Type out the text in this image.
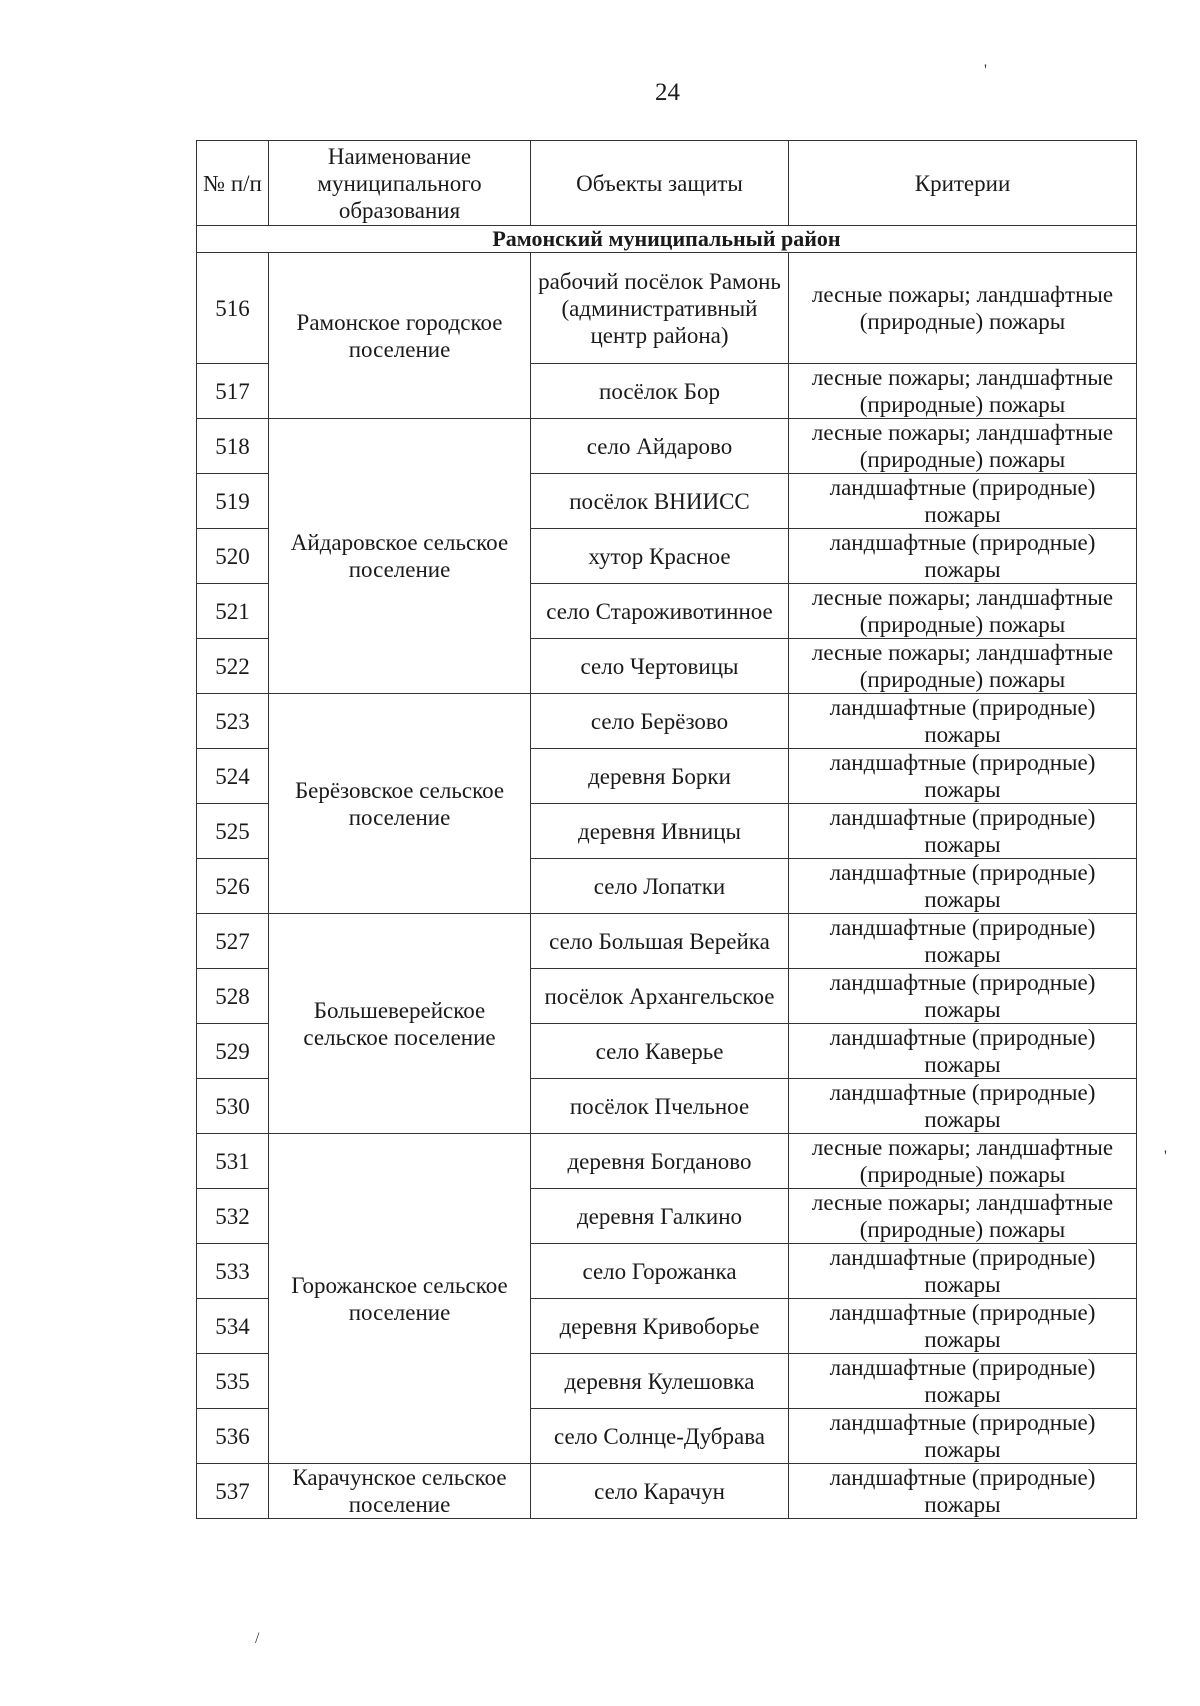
24
№ п/п	Наименование муниципального образования	Объекты защиты	Критерии
Рамонский муниципальный район			
516	Рамонское городское поселение	рабочий посёлок Рамонь (административный центр района)	лесные пожары; ландшафтные (природные) пожары
517		посёлок Бор	лесные пожары; ландшафтные (природные) пожары
518	Айдаровское сельское поселение	село Айдарово	лесные пожары; ландшафтные (природные) пожары
519		посёлок ВНИИСС	ландшафтные (природные) пожары
520		хутор Красное	ландшафтные (природные) пожары
521		село Староживотинное	лесные пожары; ландшафтные (природные) пожары
522		село Чертовицы	лесные пожары; ландшафтные (природные) пожары
523	Берёзовское сельское поселение	село Берёзово	ландшафтные (природные) пожары
524		деревня Борки	ландшафтные (природные) пожары
525		деревня Ивницы	ландшафтные (природные) пожары
526		село Лопатки	ландшафтные (природные) пожары
527	Большеверейское сельское поселение	село Большая Верейка	ландшафтные (природные) пожары
528		посёлок Архангельское	ландшафтные (природные) пожары
529		село Каверье	ландшафтные (природные) пожары
530		посёлок Пчельное	ландшафтные (природные) пожары
531	Горожанское сельское поселение	деревня Богданово	лесные пожары; ландшафтные (природные) пожары
532		деревня Галкино	лесные пожары; ландшафтные (природные) пожары
533		село Горожанка	ландшафтные (природные) пожары
534		деревня Кривоборье	ландшафтные (природные) пожары
535		деревня Кулешовка	ландшафтные (природные) пожары
536		село Солнце-Дубрава	ландшафтные (природные) пожары
537	Карачунское сельское поселение	село Карачун	ландшафтные (природные) пожары
'
/
'
